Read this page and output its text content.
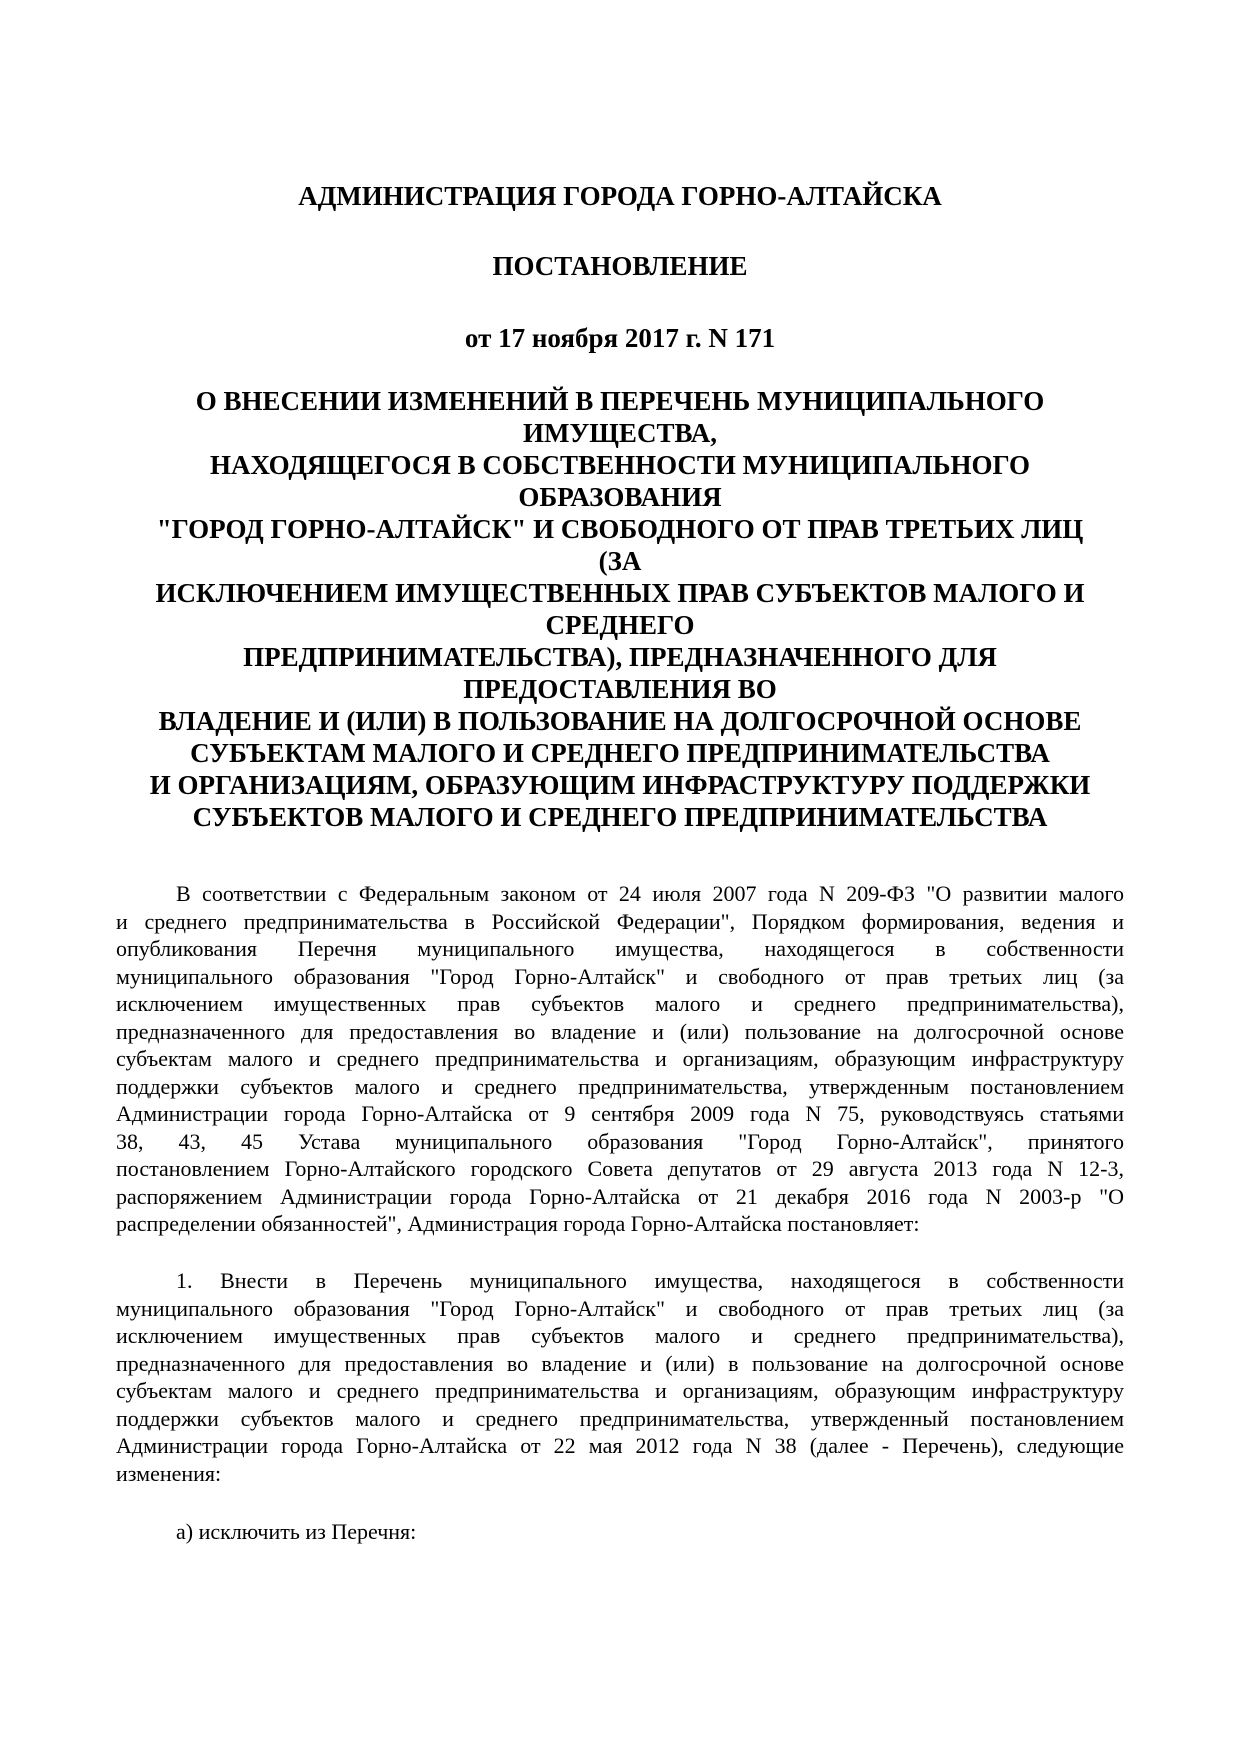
АДМИНИСТРАЦИЯ ГОРОДА ГОРНО-АЛТАЙСКА
ПОСТАНОВЛЕНИЕ
от 17 ноября 2017 г. N 171
О ВНЕСЕНИИ ИЗМЕНЕНИЙ В ПЕРЕЧЕНЬ МУНИЦИПАЛЬНОГО
ИМУЩЕСТВА,
НАХОДЯЩЕГОСЯ В СОБСТВЕННОСТИ МУНИЦИПАЛЬНОГО
ОБРАЗОВАНИЯ
"ГОРОД ГОРНО-АЛТАЙСК" И СВОБОДНОГО ОТ ПРАВ ТРЕТЬИХ ЛИЦ
(ЗА
ИСКЛЮЧЕНИЕМ ИМУЩЕСТВЕННЫХ ПРАВ СУБЪЕКТОВ МАЛОГО И
СРЕДНЕГО
ПРЕДПРИНИМАТЕЛЬСТВА), ПРЕДНАЗНАЧЕННОГО ДЛЯ
ПРЕДОСТАВЛЕНИЯ ВО
ВЛАДЕНИЕ И (ИЛИ) В ПОЛЬЗОВАНИЕ НА ДОЛГОСРОЧНОЙ ОСНОВЕ
СУБЪЕКТАМ МАЛОГО И СРЕДНЕГО ПРЕДПРИНИМАТЕЛЬСТВА
И ОРГАНИЗАЦИЯМ, ОБРАЗУЮЩИМ ИНФРАСТРУКТУРУ ПОДДЕРЖКИ
СУБЪЕКТОВ МАЛОГО И СРЕДНЕГО ПРЕДПРИНИМАТЕЛЬСТВА

В соответствии с Федеральным законом от 24 июля 2007 года N 209-ФЗ "О развитии малого
и среднего предпринимательства в Российской Федерации", Порядком формирования, ведения и
опубликования Перечня муниципального имущества, находящегося в собственности
муниципального образования "Город Горно-Алтайск" и свободного от прав третьих лиц (за
исключением имущественных прав субъектов малого и среднего предпринимательства),
предназначенного для предоставления во владение и (или) пользование на долгосрочной основе
субъектам малого и среднего предпринимательства и организациям, образующим инфраструктуру
поддержки субъектов малого и среднего предпринимательства, утвержденным постановлением
Администрации города Горно-Алтайска от 9 сентября 2009 года N 75, руководствуясь статьями
38, 43, 45 Устава муниципального образования "Город Горно-Алтайск", принятого
постановлением Горно-Алтайского городского Совета депутатов от 29 августа 2013 года N 12-3,
распоряжением Администрации города Горно-Алтайска от 21 декабря 2016 года N 2003-р "О
распределении обязанностей", Администрация города Горно-Алтайска постановляет:

1. Внести в Перечень муниципального имущества, находящегося в собственности
муниципального образования "Город Горно-Алтайск" и свободного от прав третьих лиц (за
исключением имущественных прав субъектов малого и среднего предпринимательства),
предназначенного для предоставления во владение и (или) в пользование на долгосрочной основе
субъектам малого и среднего предпринимательства и организациям, образующим инфраструктуру
поддержки субъектов малого и среднего предпринимательства, утвержденный постановлением
Администрации города Горно-Алтайска от 22 мая 2012 года N 38 (далее - Перечень), следующие
изменения:

а) исключить из Перечня:
